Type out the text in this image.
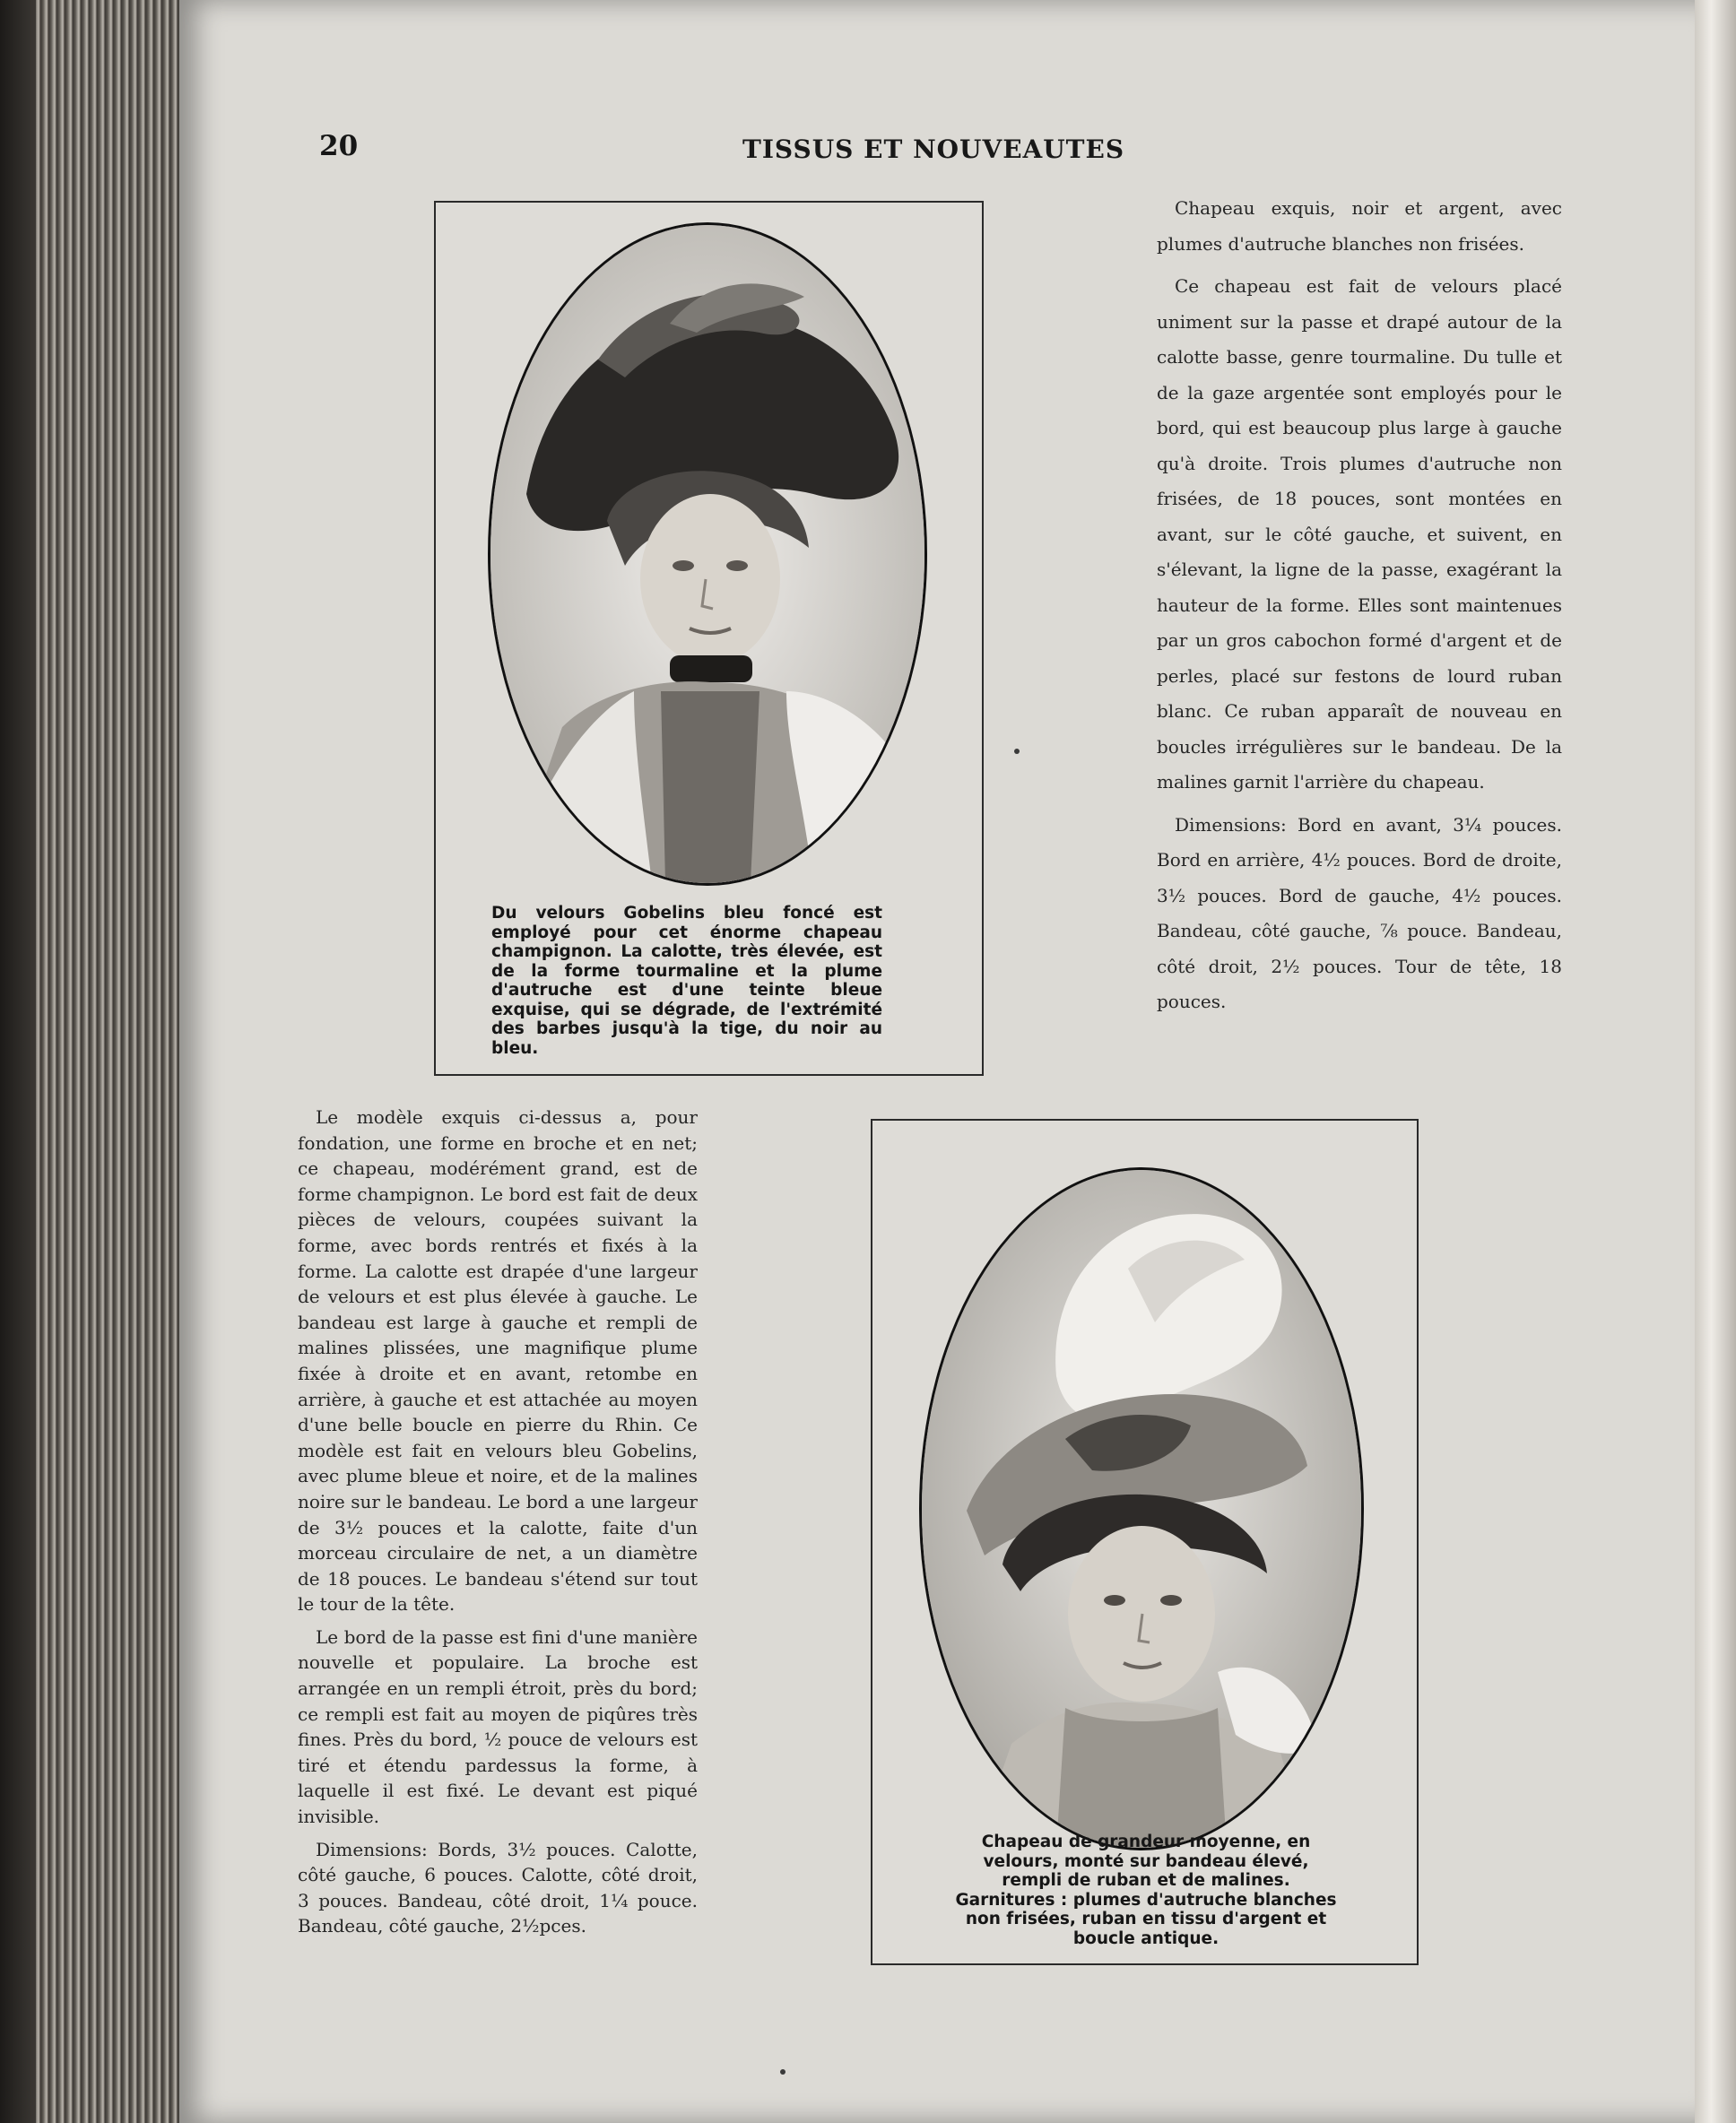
20	TISSUS ET NOUVEAUTES
Du velours Gobelins bleu foncé est employé pour cet énorme chapeau champignon. La calotte, très élevée, est de la forme tourmaline et la plume d'autruche est d'une teinte bleue exquise, qui se dégrade, de l'extrémité des barbes jusqu'à la tige, du noir au bleu.

Chapeau exquis, noir et argent, avec plumes d'autruche blanches non frisées.

Ce chapeau est fait de velours placé uniment sur la passe et drapé autour de la calotte basse, genre tourmaline. Du tulle et de la gaze argentée sont employés pour le bord, qui est beaucoup plus large à gauche qu'à droite. Trois plumes d'autruche non frisées, de 18 pouces, sont montées en avant, sur le côté gauche, et suivent, en s'élevant, la ligne de la passe, exagérant la hauteur de la forme. Elles sont maintenues par un gros cabochon formé d'argent et de perles, placé sur festons de lourd ruban blanc. Ce ruban apparaît de nouveau en boucles irrégulières sur le bandeau. De la malines garnit l'arrière du chapeau.

Dimensions: Bord en avant, 3¼ pouces. Bord en arrière, 4½ pouces. Bord de droite, 3½ pouces. Bord de gauche, 4½ pouces. Bandeau, côté gauche, ⅞ pouce. Bandeau, côté droit, 2½ pouces. Tour de tête, 18 pouces.

Le modèle exquis ci-dessus a, pour fondation, une forme en broche et en net; ce chapeau, modérément grand, est de forme champignon. Le bord est fait de deux pièces de velours, coupées suivant la forme, avec bords rentrés et fixés à la forme. La calotte est drapée d'une largeur de velours et est plus élevée à gauche. Le bandeau est large à gauche et rempli de malines plissées, une magnifique plume fixée à droite et en avant, retombe en arrière, à gauche et est attachée au moyen d'une belle boucle en pierre du Rhin. Ce modèle est fait en velours bleu Gobelins, avec plume bleue et noire, et de la malines noire sur le bandeau. Le bord a une largeur de 3½ pouces et la calotte, faite d'un morceau circulaire de net, a un diamètre de 18 pouces. Le bandeau s'étend sur tout le tour de la tête.

Le bord de la passe est fini d'une manière nouvelle et populaire. La broche est arrangée en un rempli étroit, près du bord; ce rempli est fait au moyen de piqûres très fines. Près du bord, ½ pouce de velours est tiré et étendu pardessus la forme, à laquelle il est fixé. Le devant est piqué invisible.

Dimensions: Bords, 3½ pouces. Calotte, côté gauche, 6 pouces. Calotte, côté droit, 3 pouces. Bandeau, côté droit, 1¼ pouce. Bandeau, côté gauche, 2½pces.

Chapeau de grandeur moyenne, en velours, monté sur bandeau élevé, rempli de ruban et de malines. Garnitures : plumes d'autruche blanches non frisées, ruban en tissu d'argent et boucle antique.
